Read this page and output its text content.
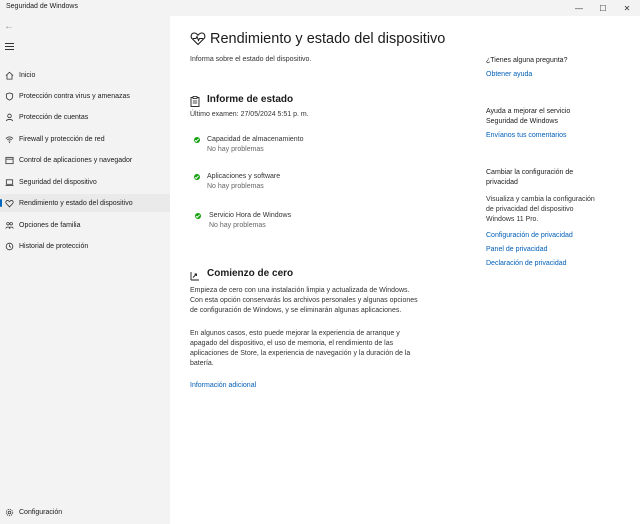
Seguridad de Windows	—	☐	✕
←
Inicio
Protección contra virus y amenazas
Protección de cuentas
Firewall y protección de red
Control de aplicaciones y navegador
Seguridad del dispositivo
Rendimiento y estado del dispositivo
Opciones de familia
Historial de protección
Configuración
Rendimiento y estado del dispositivo
Informa sobre el estado del dispositivo.
Informe de estado
Último examen: 27/05/2024 5:51 p. m.
Capacidad de almacenamiento
No hay problemas
Aplicaciones y software
No hay problemas
Servicio Hora de Windows
No hay problemas
Comienzo de cero
Empieza de cero con una instalación limpia y actualizada de Windows.
Con esta opción conservarás los archivos personales y algunas opciones
de configuración de Windows, y se eliminarán algunas aplicaciones.
En algunos casos, esto puede mejorar la experiencia de arranque y
apagado del dispositivo, el uso de memoria, el rendimiento de las
aplicaciones de Store, la experiencia de navegación y la duración de la
batería.
Información adicional
¿Tienes alguna pregunta?
Obtener ayuda
Ayuda a mejorar el servicio
Seguridad de Windows
Envíanos tus comentarios
Cambiar la configuración de
privacidad
Visualiza y cambia la configuración
de privacidad del dispositivo
Windows 11 Pro.
Configuración de privacidad
Panel de privacidad
Declaración de privacidad
